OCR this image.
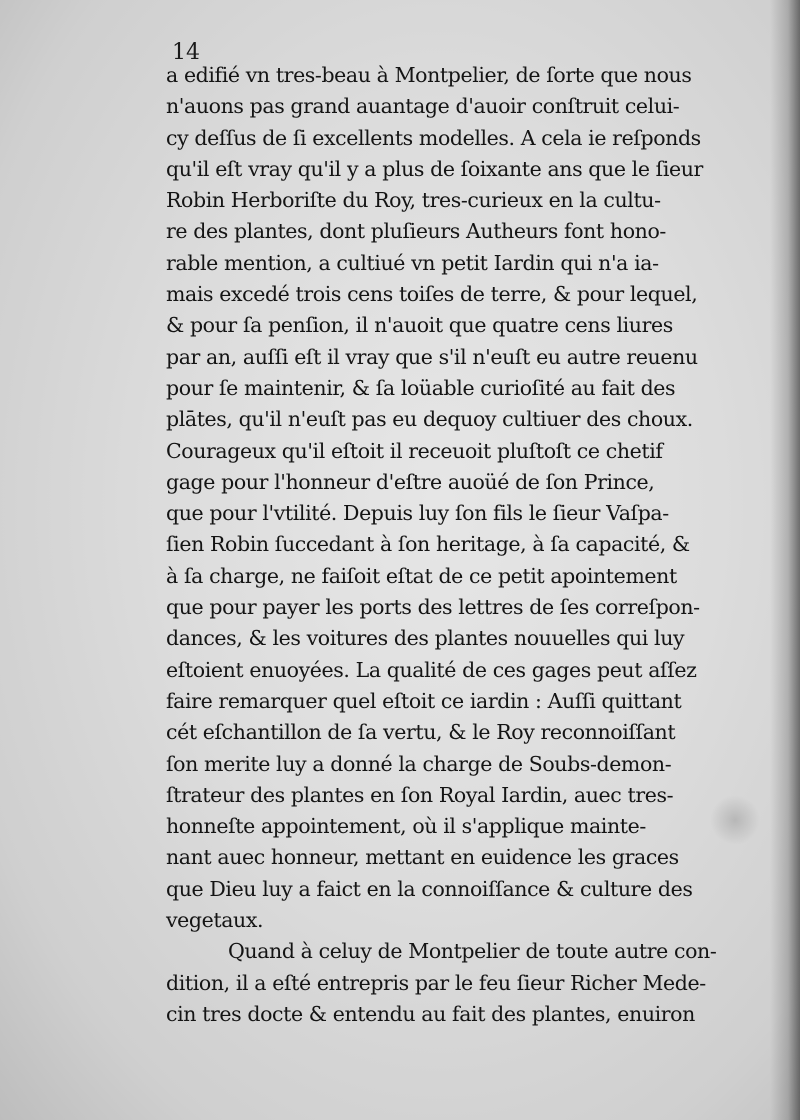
14
a edifié vn tres-beau à Montpelier, de ſorte que nous
n'auons pas grand auantage d'auoir conſtruit celui-
cy deſſus de ſi excellents modelles. A cela ie reſponds
qu'il eſt vray qu'il y a plus de ſoixante ans que le ſieur
Robin Herboriſte du Roy, tres-curieux en la cultu-
re des plantes, dont pluſieurs Autheurs font hono-
rable mention, a cultiué vn petit Iardin qui n'a ia-
mais excedé trois cens toiſes de terre, & pour lequel,
& pour ſa penſion, il n'auoit que quatre cens liures
par an, auſſi eſt il vray que s'il n'euſt eu autre reuenu
pour ſe maintenir, & ſa loüable curioſité au fait des
plātes, qu'il n'euſt pas eu dequoy cultiuer des choux.
Courageux qu'il eſtoit il receuoit pluſtoſt ce chetif
gage pour l'honneur d'eſtre auoüé de ſon Prince,
que pour l'vtilité. Depuis luy ſon fils le ſieur Vaſpa-
ſien Robin ſuccedant à ſon heritage, à ſa capacité, &
à ſa charge, ne faiſoit eſtat de ce petit apointement
que pour payer les ports des lettres de ſes correſpon-
dances, & les voitures des plantes nouuelles qui luy
eſtoient enuoyées. La qualité de ces gages peut aſſez
faire remarquer quel eſtoit ce iardin : Auſſi quittant
cét eſchantillon de ſa vertu, & le Roy reconnoiſſant
ſon merite luy a donné la charge de Soubs-demon-
ſtrateur des plantes en ſon Royal Iardin, auec tres-
honneſte appointement, où il s'applique mainte-
nant auec honneur, mettant en euidence les graces
que Dieu luy a faict en la connoiſſance & culture des
vegetaux.
Quand à celuy de Montpelier de toute autre con-
dition, il a eſté entrepris par le feu ſieur Richer Mede-
cin tres docte & entendu au fait des plantes, enuiron
